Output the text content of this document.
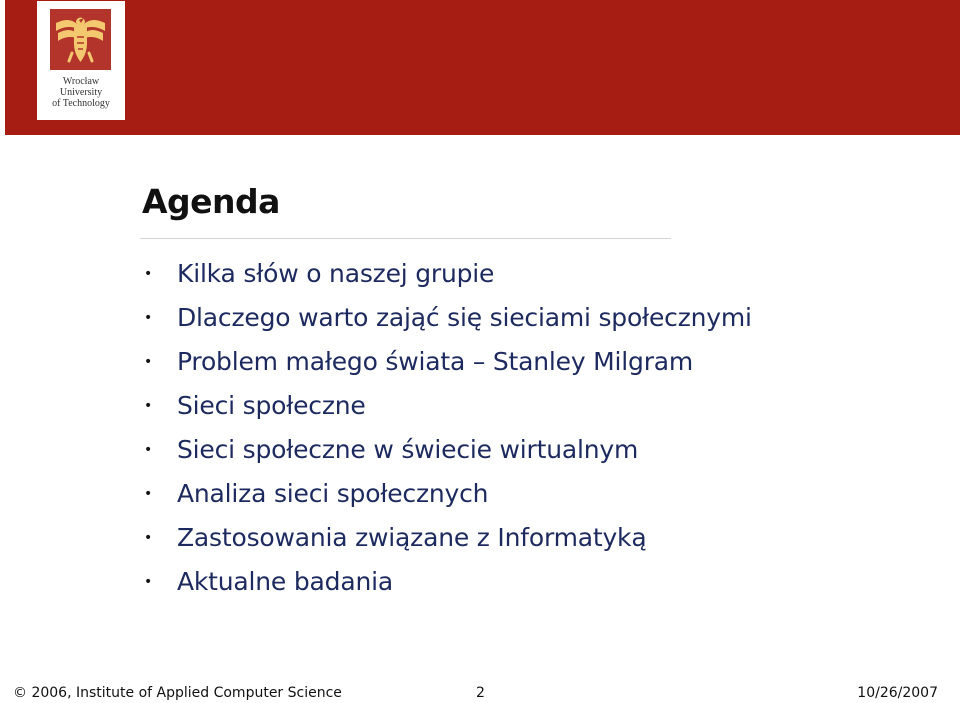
Wrocław
University
of Technology
Agenda
• Kilka słów o naszej grupie
• Dlaczego warto zająć się sieciami społecznymi
• Problem małego świata – Stanley Milgram
• Sieci społeczne
• Sieci społeczne w świecie wirtualnym
• Analiza sieci społecznych
• Zastosowania związane z Informatyką
• Aktualne badania
© 2006, Institute of Applied Computer Science	2	10/26/2007
